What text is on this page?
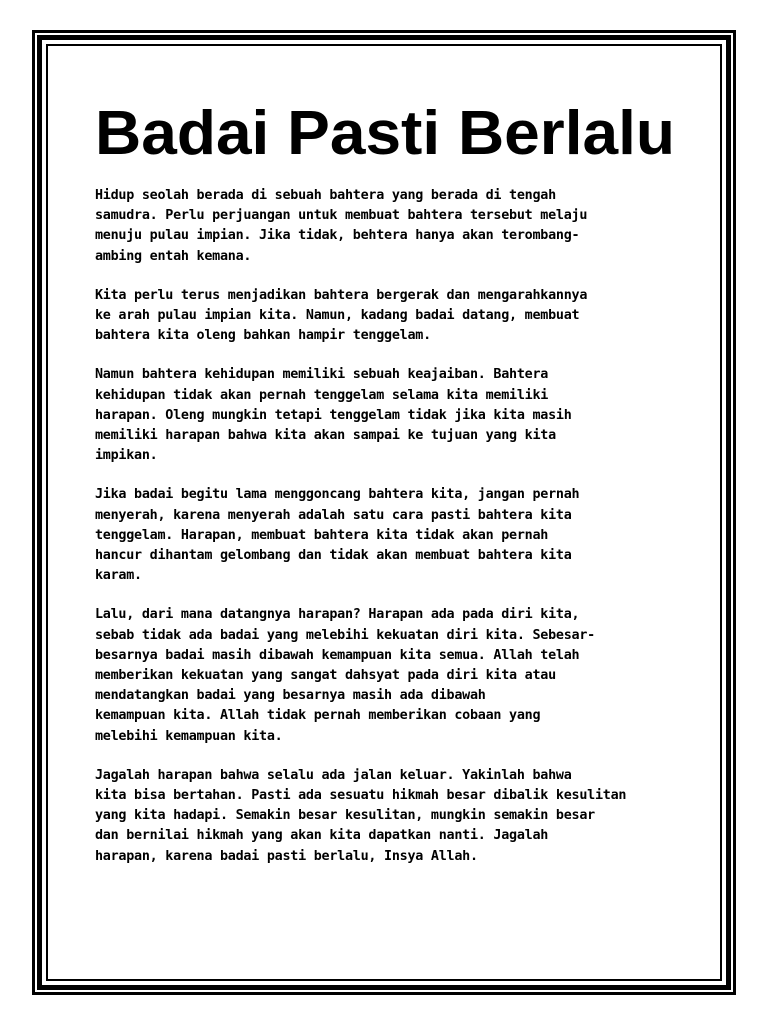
Badai Pasti Berlalu

Hidup seolah berada di sebuah bahtera yang berada di tengah
samudra. Perlu perjuangan untuk membuat bahtera tersebut melaju
menuju pulau impian. Jika tidak, behtera hanya akan terombang-
ambing entah kemana.

Kita perlu terus menjadikan bahtera bergerak dan mengarahkannya
ke arah pulau impian kita. Namun, kadang badai datang, membuat
bahtera kita oleng bahkan hampir tenggelam.

Namun bahtera kehidupan memiliki sebuah keajaiban. Bahtera
kehidupan tidak akan pernah tenggelam selama kita memiliki
harapan. Oleng mungkin tetapi tenggelam tidak jika kita masih
memiliki harapan bahwa kita akan sampai ke tujuan yang kita
impikan.

Jika badai begitu lama menggoncang bahtera kita, jangan pernah
menyerah, karena menyerah adalah satu cara pasti bahtera kita
tenggelam. Harapan, membuat bahtera kita tidak akan pernah
hancur dihantam gelombang dan tidak akan membuat bahtera kita
karam.

Lalu, dari mana datangnya harapan? Harapan ada pada diri kita,
sebab tidak ada badai yang melebihi kekuatan diri kita. Sebesar-
besarnya badai masih dibawah kemampuan kita semua. Allah telah
memberikan kekuatan yang sangat dahsyat pada diri kita atau
mendatangkan badai yang besarnya masih ada dibawah
kemampuan kita. Allah tidak pernah memberikan cobaan yang
melebihi kemampuan kita.

Jagalah harapan bahwa selalu ada jalan keluar. Yakinlah bahwa
kita bisa bertahan. Pasti ada sesuatu hikmah besar dibalik kesulitan
yang kita hadapi. Semakin besar kesulitan, mungkin semakin besar
dan bernilai hikmah yang akan kita dapatkan nanti. Jagalah
harapan, karena badai pasti berlalu, Insya Allah.
